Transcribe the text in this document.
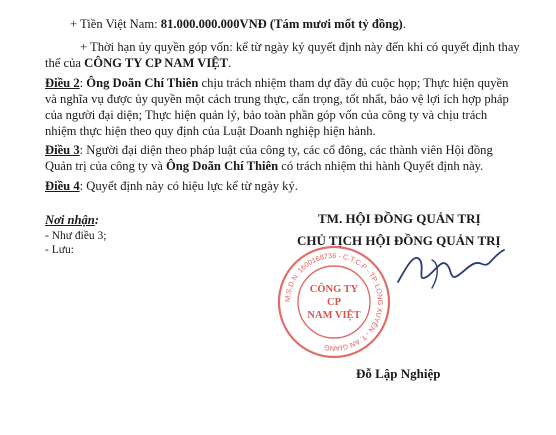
+ Tiền Việt Nam: 81.000.000.000VNĐ (Tám mươi mốt tỷ đồng).
+ Thời hạn ủy quyền góp vốn: kể từ ngày ký quyết định này đến khi có quyết định thay
thế của CÔNG TY CP NAM VIỆT.
Điều 2: Ông Doãn Chí Thiên chịu trách nhiệm tham dự đầy đủ cuộc họp; Thực hiện quyền
và nghĩa vụ được ủy quyền một cách trung thực, cẩn trọng, tốt nhất, bảo vệ lợi ích hợp pháp
của người đại diện; Thực hiện quản lý, bảo toàn phần góp vốn của công ty và chịu trách
nhiệm thực hiện theo quy định của Luật Doanh nghiệp hiện hành.
Điều 3: Người đại diện theo pháp luật của công ty, các cổ đông, các thành viên Hội đồng
Quản trị của công ty và Ông Doãn Chí Thiên có trách nhiệm thi hành Quyết định này.
Điều 4: Quyết định này có hiệu lực kể từ ngày ký.
Nơi nhận:
- Như điều 3;
- Lưu:
TM. HỘI ĐỒNG QUẢN TRỊ
CHỦ TỊCH HỘI ĐỒNG QUẢN TRỊ
M.S.D.N: 1600168736 - C.T.C.P - TP. LONG XUYÊN - T. AN GIANG
CÔNG TY
CP
NAM VIỆT
Đỗ Lập Nghiệp
